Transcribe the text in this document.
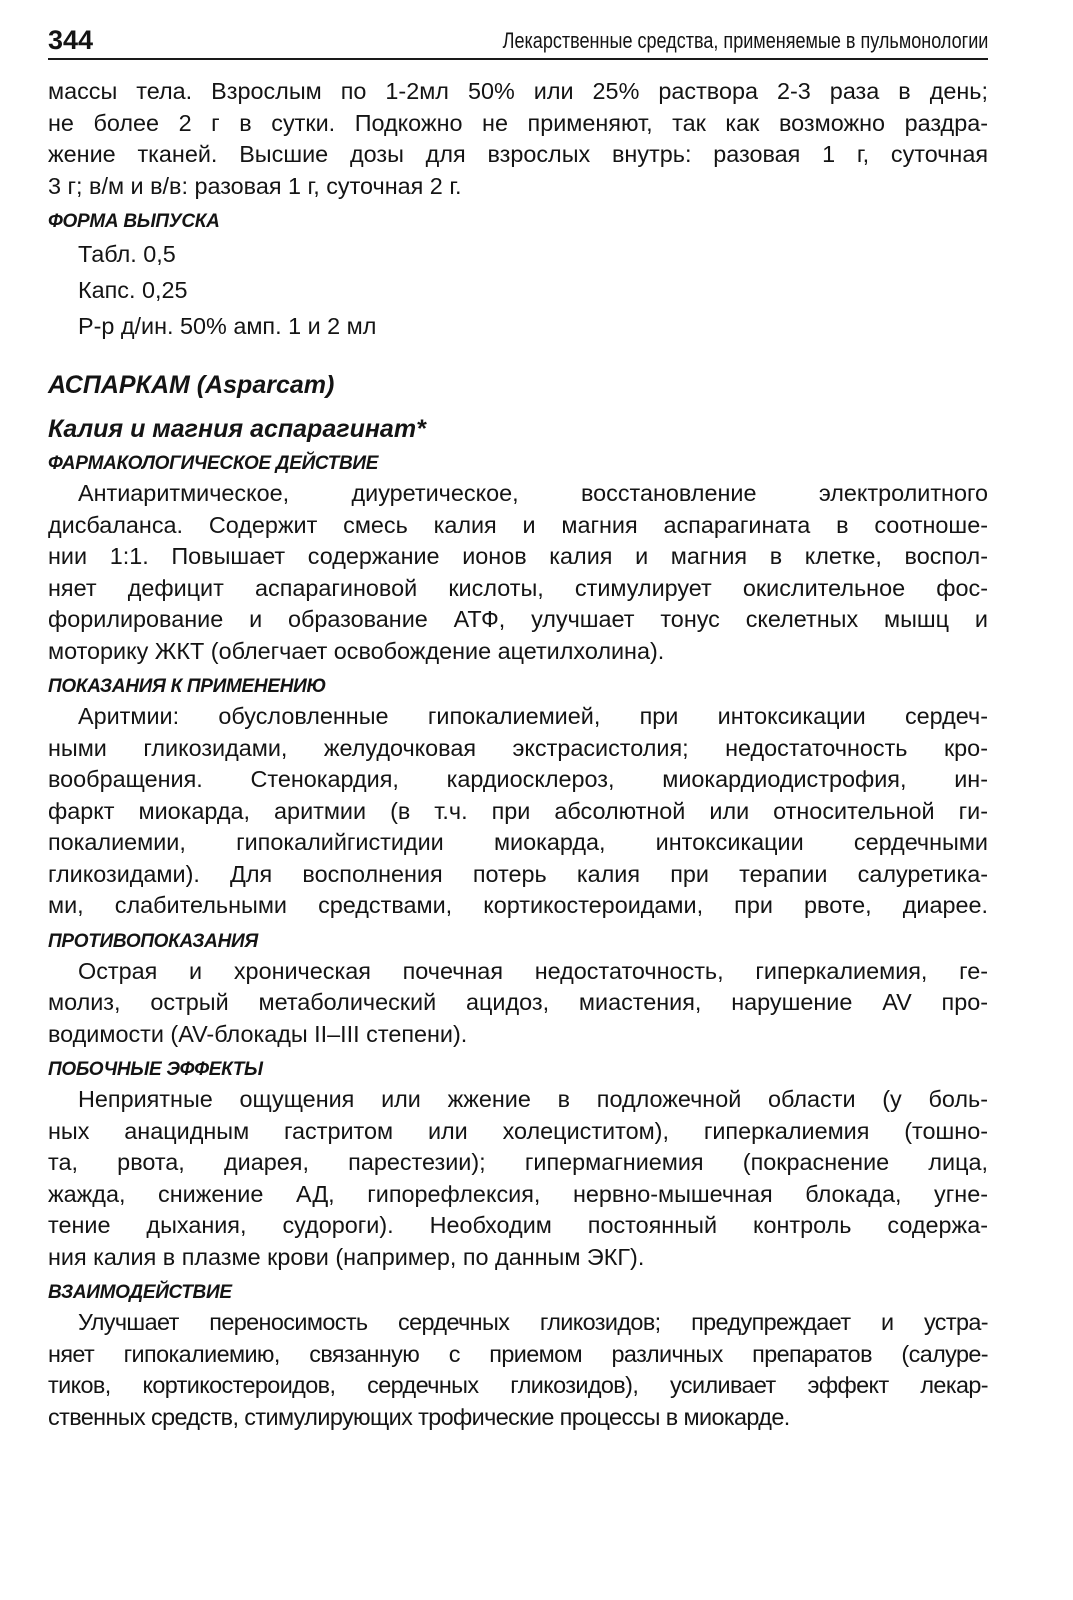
344	Лекарственные средства, применяемые в пульмонологии

массы тела. Взрослым по 1-2мл 50% или 25% раствора 2-3 раза в день;
не более 2 г в сутки. Подкожно не применяют, так как возможно раздра-
жение тканей. Высшие дозы для взрослых внутрь: разовая 1 г, суточная
3 г; в/м и в/в: разовая 1 г, суточная 2 г.

ФОРМА ВЫПУСКА
Табл. 0,5
Капс. 0,25
Р-р д/ин. 50% амп. 1 и 2 мл
АСПАРКАМ (Asparcam)
Калия и магния аспарагинат*
ФАРМАКОЛОГИЧЕСКОЕ ДЕЙСТВИЕ

Антиаритмическое, диуретическое, восстановление электролитного
дисбаланса. Содержит смесь калия и магния аспарагината в соотноше-
нии 1:1. Повышает содержание ионов калия и магния в клетке, воспол-
няет дефицит аспарагиновой кислоты, стимулирует окислительное фос-
форилирование и образование АТФ, улучшает тонус скелетных мышц и
моторику ЖКТ (облегчает освобождение ацетилхолина).

ПОКАЗАНИЯ К ПРИМЕНЕНИЮ

Аритмии: обусловленные гипокалиемией, при интоксикации сердеч-
ными гликозидами, желудочковая экстрасистолия; недостаточность кро-
вообращения. Стенокардия, кардиосклероз, миокардиодистрофия, ин-
фаркт миокарда, аритмии (в т.ч. при абсолютной или относительной ги-
покалиемии, гипокалийгистидии миокарда, интоксикации сердечными
гликозидами). Для восполнения потерь калия при терапии салуретика-
ми, слабительными средствами, кортикостероидами, при рвоте, диарее.

ПРОТИВОПОКАЗАНИЯ

Острая и хроническая почечная недостаточность, гиперкалиемия, ге-
молиз, острый метаболический ацидоз, миастения, нарушение AV про-
водимости (AV-блокады II–III степени).

ПОБОЧНЫЕ ЭФФЕКТЫ

Неприятные ощущения или жжение в подложечной области (у боль-
ных анацидным гастритом или холециститом), гиперкалиемия (тошно-
та, рвота, диарея, парестезии); гипермагниемия (покраснение лица,
жажда, снижение АД, гипорефлексия, нервно-мышечная блокада, угне-
тение дыхания, судороги). Необходим постоянный контроль содержа-
ния калия в плазме крови (например, по данным ЭКГ).

ВЗАИМОДЕЙСТВИЕ

Улучшает переносимость сердечных гликозидов; предупреждает и устра-
няет гипокалиемию, связанную с приемом различных препаратов (салуре-
тиков, кортикостероидов, сердечных гликозидов), усиливает эффект лекар-
ственных средств, стимулирующих трофические процессы в миокарде.
